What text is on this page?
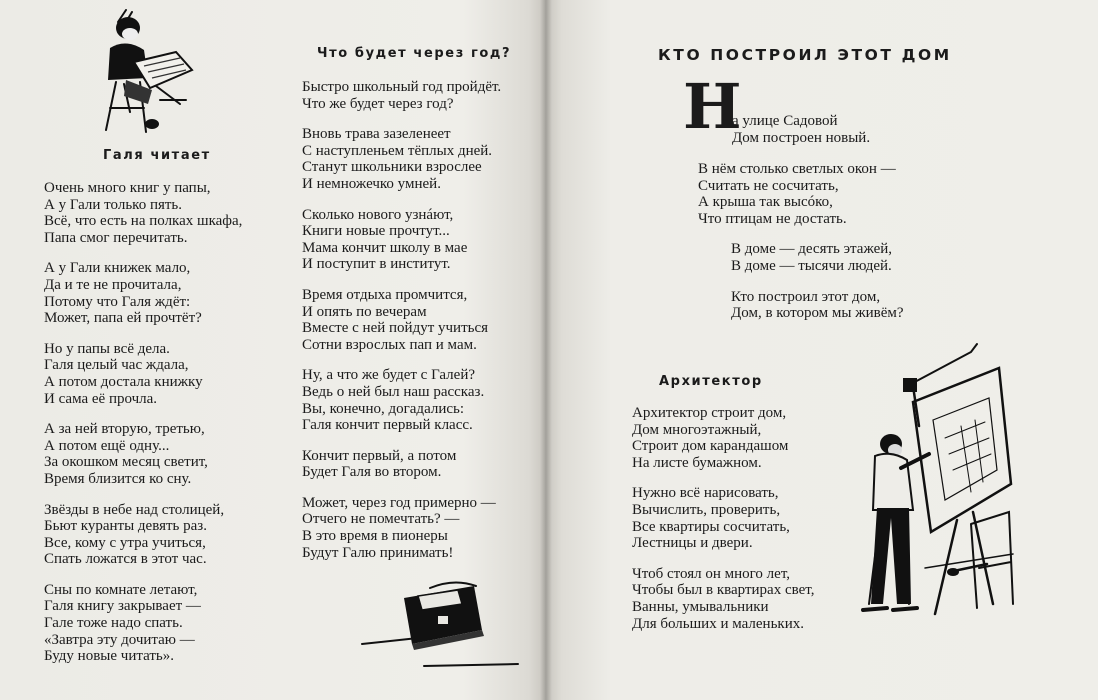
Галя читает
Очень много книг у папы,
А у Гали только пять.
Всё, что есть на полках шкафа,
Папа смог перечитать.
А у Гали книжек мало,
Да и те не прочитала,
Потому что Галя ждёт:
Может, папа ей прочтёт?
Но у папы всё дела.
Галя целый час ждала,
А потом достала книжку
И сама её прочла.
А за ней вторую, третью,
А потом ещё одну...
За окошком месяц светит,
Время близится ко сну.
Звёзды в небе над столицей,
Бьют куранты девять раз.
Все, кому с утра учиться,
Спать ложатся в этот час.
Сны по комнате летают,
Галя книгу закрывает —
Гале тоже надо спать.
«Завтра эту дочитаю —
Буду новые читать».
Что будет через год?
Быстро школьный год пройдёт.
Что же будет через год?
Вновь трава зазеленеет
С наступленьем тёплых дней.
Станут школьники взрослее
И немножечко умней.
Сколько нового узнáют,
Книги новые прочтут...
Мама кончит школу в мае
И поступит в институт.
Время отдыха промчится,
И опять по вечерам
Вместе с ней пойдут учиться
Сотни взрослых пап и мам.
Ну, а что же будет с Галей?
Ведь о ней был наш рассказ.
Вы, конечно, догадались:
Галя кончит первый класс.
Кончит первый, а потом
Будет Галя во втором.
Может, через год примерно —
Отчего не помечтать? —
В это время в пионеры
Будут Галю принимать!
КТО ПОСТРОИЛ ЭТОТ ДОМ
Н
а улице Садовой
Дом построен новый.
В нём столько светлых окон —
Считать не сосчитать,
А крыша так высóко,
Что птицам не достать.
В доме — десять этажей,
В доме — тысячи людей.
Кто построил этот дом,
Дом, в котором мы живём?
Архитектор
Архитектор строит дом,
Дом многоэтажный,
Строит дом карандашом
На листе бумажном.
Нужно всё нарисовать,
Вычислить, проверить,
Все квартиры сосчитать,
Лестницы и двери.
Чтоб стоял он много лет,
Чтобы был в квартирах свет,
Ванны, умывальники
Для больших и маленьких.
